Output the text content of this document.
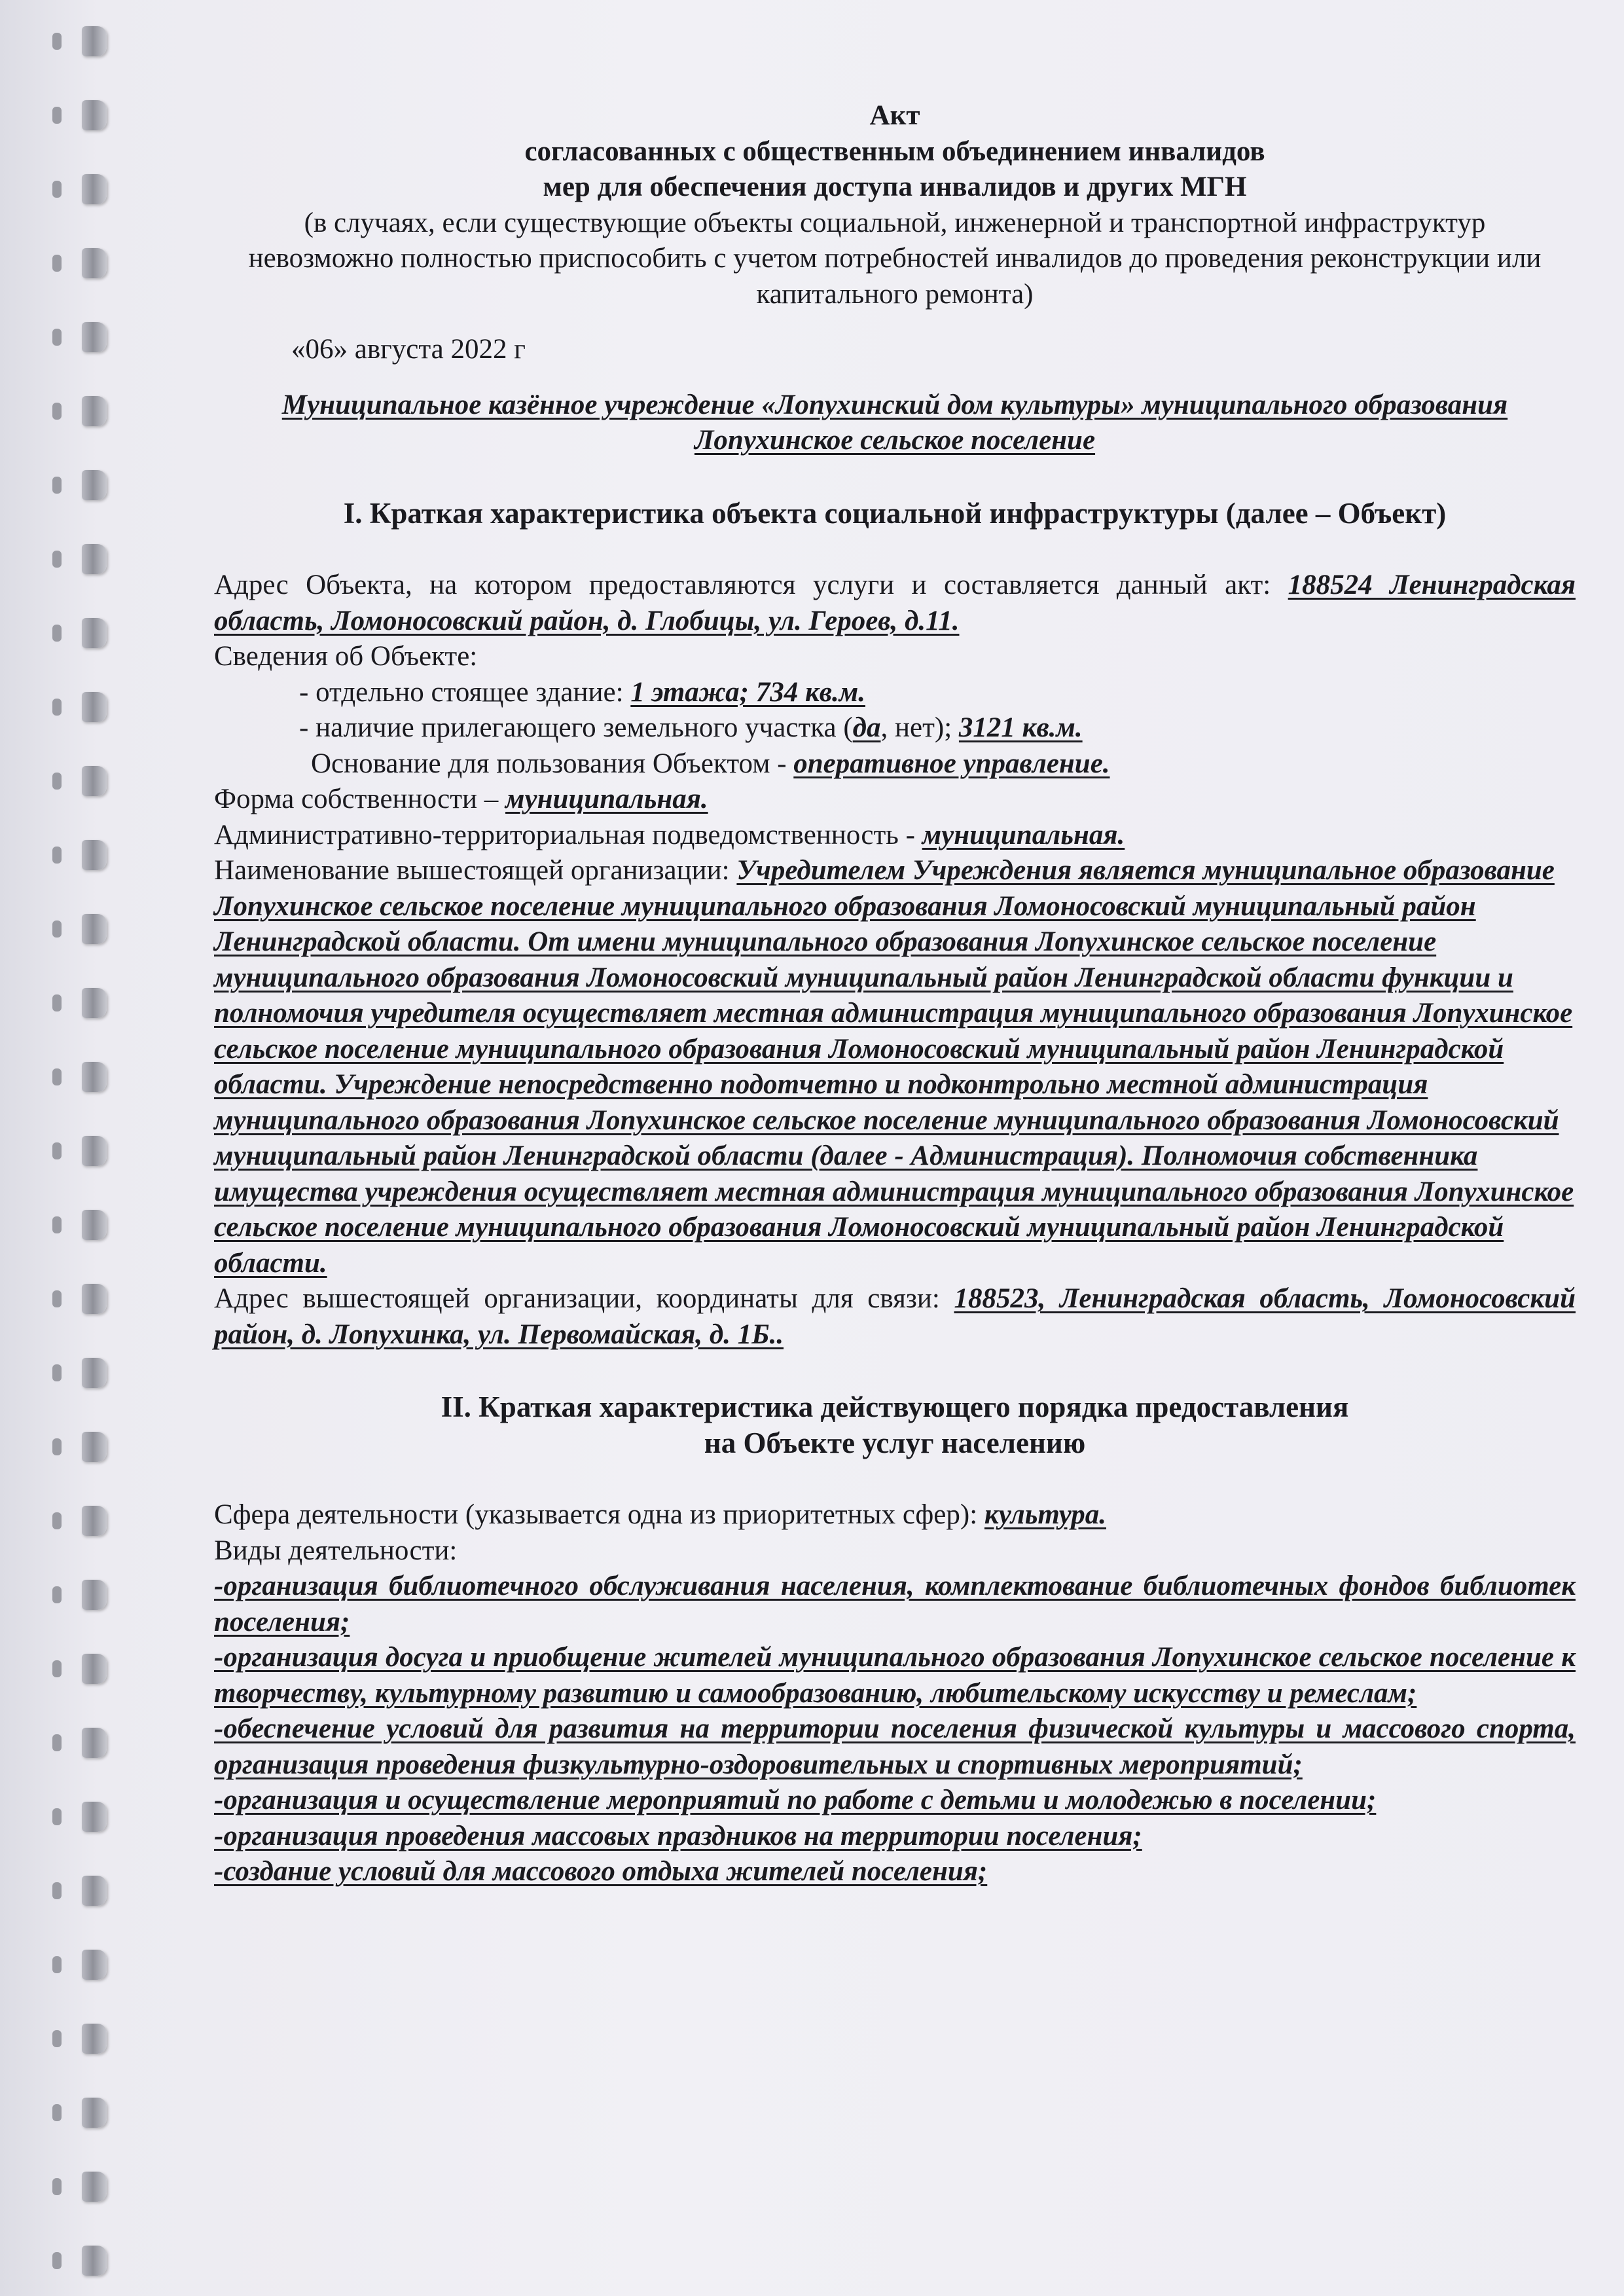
Акт

согласованных с общественным объединением инвалидов

мер для обеспечения доступа инвалидов и других МГН

(в случаях, если существующие объекты социальной, инженерной и транспортной инфраструктур невозможно полностью приспособить с учетом потребностей инвалидов до проведения реконструкции или капитального ремонта)

«06» августа 2022 г

Муниципальное казённое учреждение «Лопухинский дом культуры» муниципального образования Лопухинское сельское поселение

I. Краткая характеристика объекта социальной инфраструктуры (далее – Объект)

Адрес Объекта, на котором предоставляются услуги и составляется данный акт: 188524 Ленинградская область, Ломоносовский район, д. Глобицы, ул. Героев, д.11.

Сведения об Объекте:

- отдельно стоящее здание: 1 этажа; 734 кв.м.

- наличие прилегающего земельного участка (да, нет); 3121 кв.м.

Основание для пользования Объектом - оперативное управление.

Форма собственности – муниципальная.

Административно-территориальная подведомственность - муниципальная.

Наименование вышестоящей организации: Учредителем Учреждения является муниципальное образование Лопухинское сельское поселение муниципального образования Ломоносовский муниципальный район Ленинградской области. От имени муниципального образования Лопухинское сельское поселение муниципального образования Ломоносовский муниципальный район Ленинградской области функции и полномочия учредителя осуществляет местная администрация муниципального образования Лопухинское сельское поселение муниципального образования Ломоносовский муниципальный район Ленинградской области. Учреждение непосредственно подотчетно и подконтрольно местной администрация муниципального образования Лопухинское сельское поселение муниципального образования Ломоносовский муниципальный район Ленинградской области (далее - Администрация). Полномочия собственника имущества учреждения осуществляет местная администрация муниципального образования Лопухинское сельское поселение муниципального образования Ломоносовский муниципальный район Ленинградской области.

Адрес вышестоящей организации, координаты для связи: 188523, Ленинградская область, Ломоносовский район, д. Лопухинка, ул. Первомайская, д. 1Б..

II. Краткая характеристика действующего порядка предоставления

на Объекте услуг населению

Сфера деятельности (указывается одна из приоритетных сфер): культура.

Виды деятельности:

-организация библиотечного обслуживания населения, комплектование библиотечных фондов библиотек поселения;

-организация досуга и приобщение жителей муниципального образования Лопухинское сельское поселение к творчеству, культурному развитию и самообразованию, любительскому искусству и ремеслам;

-обеспечение условий для развития на территории поселения физической культуры и массового спорта, организация проведения физкультурно-оздоровительных и спортивных мероприятий;

-организация и осуществление мероприятий по работе с детьми и молодежью в поселении;

-организация проведения массовых праздников на территории поселения;

-создание условий для массового отдыха жителей поселения;
